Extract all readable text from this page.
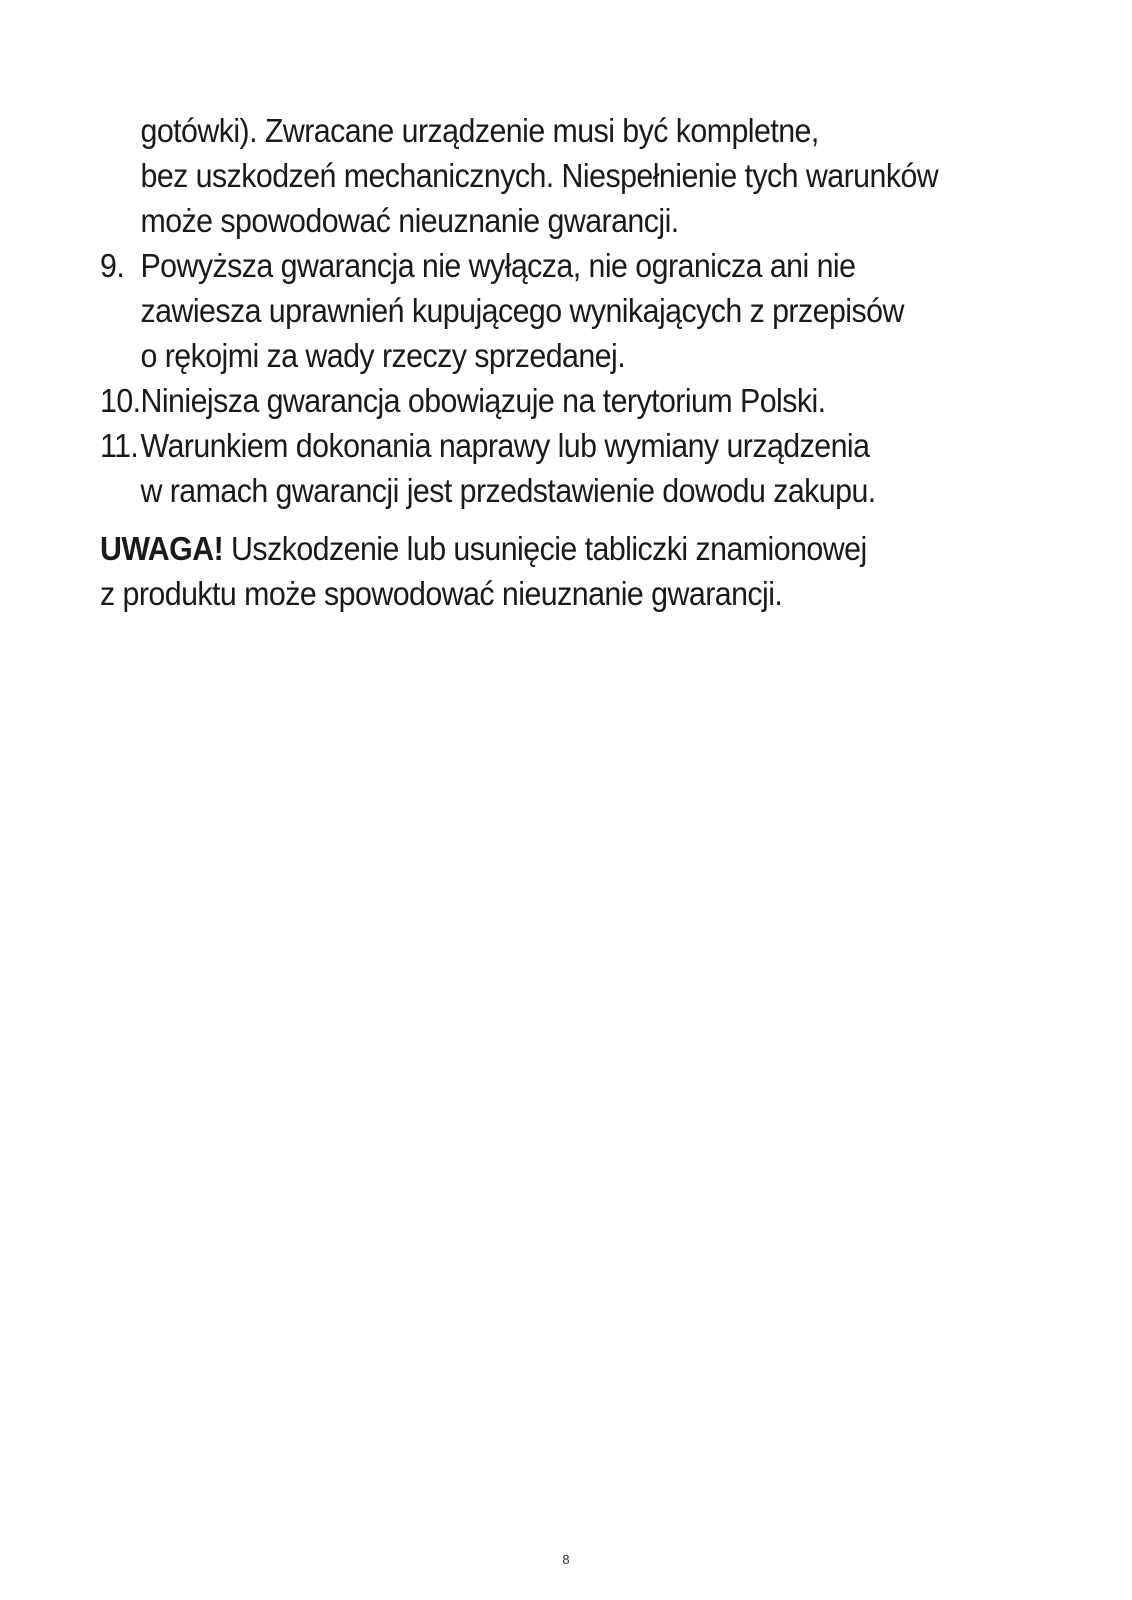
gotówki). Zwracane urządzenie musi być kompletne,
bez uszkodzeń mechanicznych. Niespełnienie tych warunków
może spowodować nieuznanie gwarancji.
9. Powyższa gwarancja nie wyłącza, nie ogranicza ani nie
zawiesza uprawnień kupującego wynikających z przepisów
o rękojmi za wady rzeczy sprzedanej.
10. Niniejsza gwarancja obowiązuje na terytorium Polski.
11. Warunkiem dokonania naprawy lub wymiany urządzenia
w ramach gwarancji jest przedstawienie dowodu zakupu.
UWAGA! Uszkodzenie lub usunięcie tabliczki znamionowej
z produktu może spowodować nieuznanie gwarancji.
8
